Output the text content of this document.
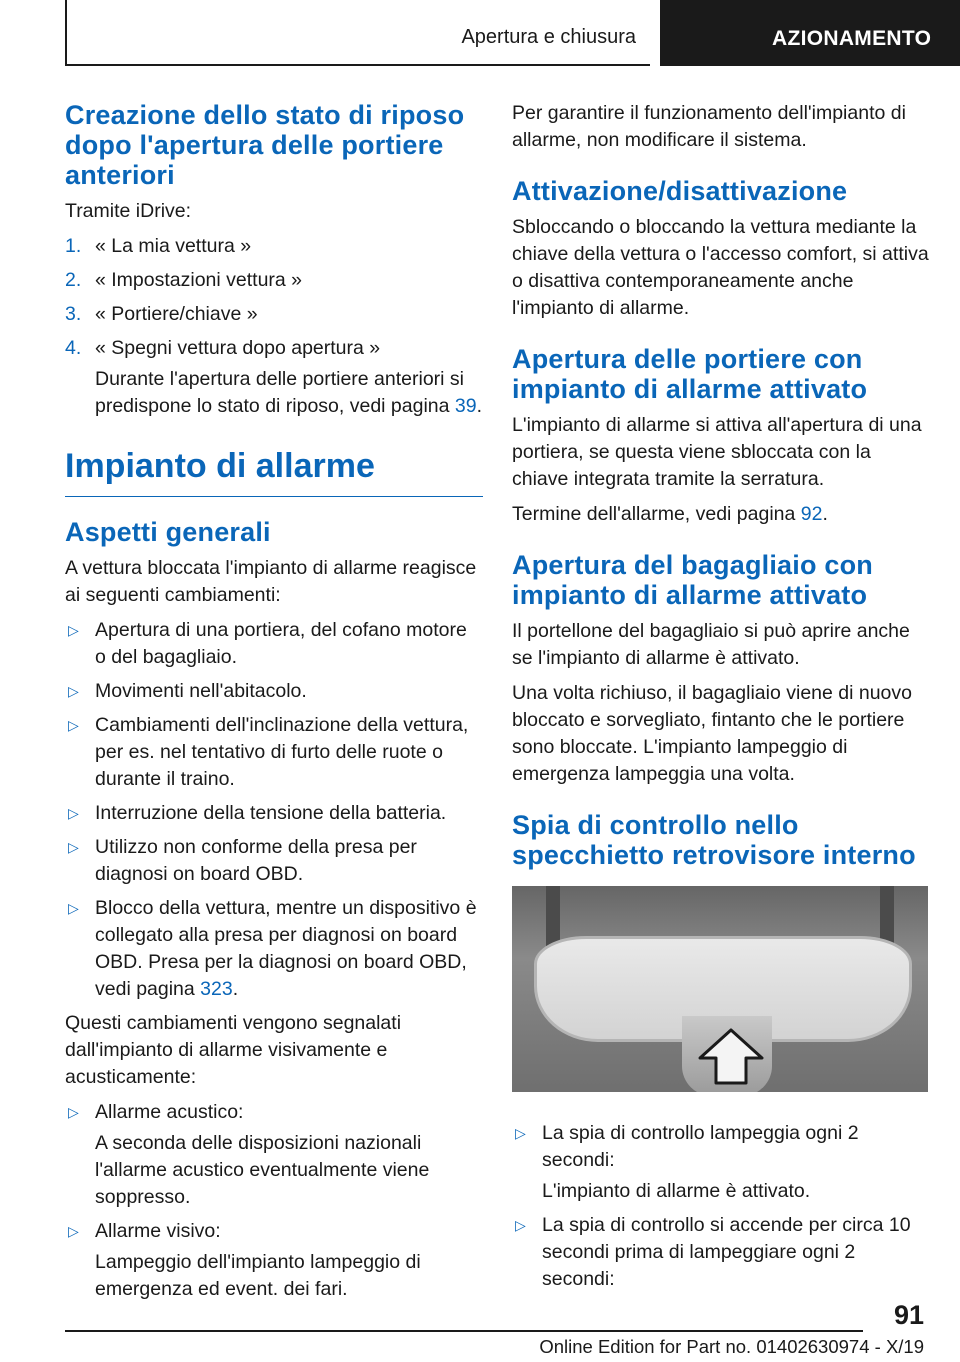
Apertura e chiusura	AZIONAMENTO
Creazione dello stato di riposo dopo l'apertura delle portiere anteriori

Tramite iDrive:

1. « La mia vettura »
2. « Impostazioni vettura »
3. « Portiere/chiave »
4. « Spegni vettura dopo apertura »
Durante l'apertura delle portiere anteriori si predispone lo stato di riposo, vedi pagina 39.
Impianto di allarme
Aspetti generali

A vettura bloccata l'impianto di allarme reagisce ai seguenti cambiamenti:

▷ Apertura di una portiera, del cofano motore o del bagagliaio.
▷ Movimenti nell'abitacolo.
▷ Cambiamenti dell'inclinazione della vettura, per es. nel tentativo di furto delle ruote o durante il traino.
▷ Interruzione della tensione della batteria.
▷ Utilizzo non conforme della presa per diagnosi on board OBD.
▷ Blocco della vettura, mentre un dispositivo è collegato alla presa per diagnosi on board OBD. Presa per la diagnosi on board OBD, vedi pagina 323.

Questi cambiamenti vengono segnalati dall'impianto di allarme visivamente e acusticamente:

▷ Allarme acustico:
A seconda delle disposizioni nazionali l'allarme acustico eventualmente viene soppresso.
▷ Allarme visivo:
Lampeggio dell'impianto lampeggio di emergenza ed event. dei fari.

Per garantire il funzionamento dell'impianto di allarme, non modificare il sistema.

Attivazione/disattivazione

Sbloccando o bloccando la vettura mediante la chiave della vettura o l'accesso comfort, si attiva o disattiva contemporaneamente anche l'impianto di allarme.

Apertura delle portiere con impianto di allarme attivato

L'impianto di allarme si attiva all'apertura di una portiera, se questa viene sbloccata con la chiave integrata tramite la serratura.

Termine dell'allarme, vedi pagina 92.

Apertura del bagagliaio con impianto di allarme attivato

Il portellone del bagagliaio si può aprire anche se l'impianto di allarme è attivato.

Una volta richiuso, il bagagliaio viene di nuovo bloccato e sorvegliato, fintanto che le portiere sono bloccate. L'impianto lampeggio di emergenza lampeggia una volta.

Spia di controllo nello specchietto retrovisore interno
▷ La spia di controllo lampeggia ogni 2 secondi:
L'impianto di allarme è attivato.
▷ La spia di controllo si accende per circa 10 secondi prima di lampeggiare ogni 2 secondi:
91
Online Edition for Part no. 01402630974 - X/19
